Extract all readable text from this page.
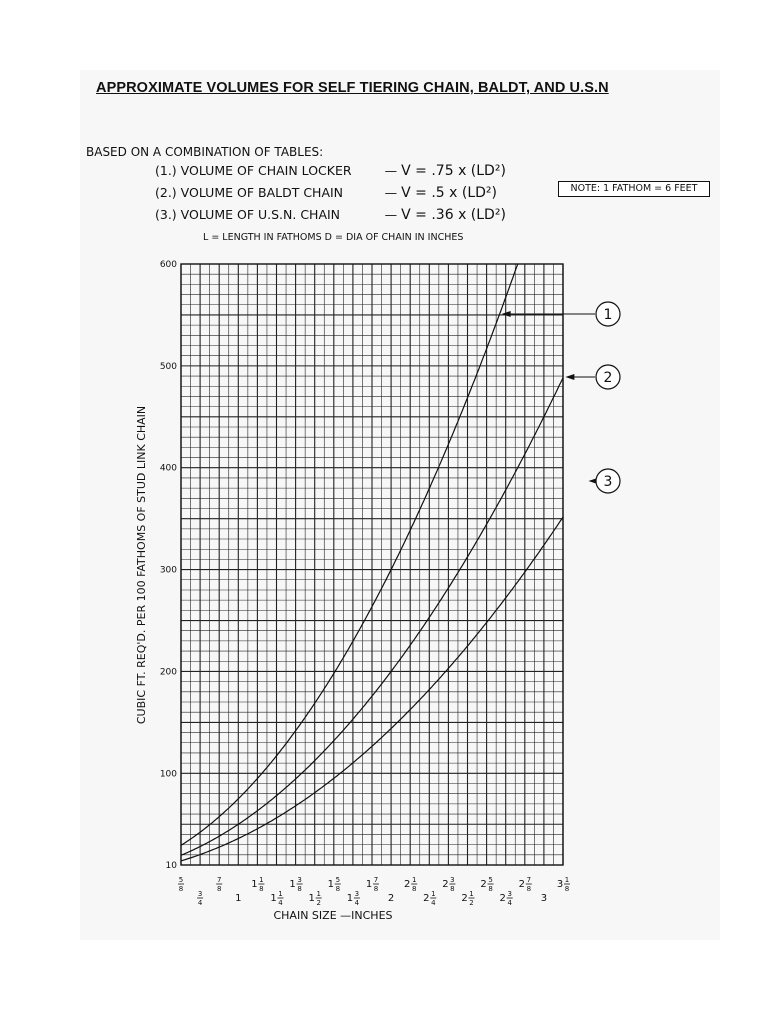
APPROXIMATE VOLUMES FOR SELF TIERING CHAIN, BALDT, AND U.S.N
BASED ON A COMBINATION OF TABLES:
(1.) VOLUME OF CHAIN LOCKER	— V = .75 x (LD²)
(2.) VOLUME OF BALDT CHAIN	— V = .5 x (LD²)
(3.) VOLUME OF U.S.N. CHAIN	— V = .36 x (LD²)
NOTE: 1 FATHOM = 6 FEET
L = LENGTH IN FATHOMS D = DIA OF CHAIN IN INCHES
10
100
200
300
400
500
600
5
8
7
8	1 1
8	1 3
8	1 5
8	1 7
8	2 1
8	2 3
8	2 5
8	2 7
8	3 1
8
3
4	1	1 1
4	1 1
2	1 3
4	2	2 1
4	2 1
2	2 3
4	3
CHAIN SIZE —INCHES
CUBIC FT. REQ'D. PER 100 FATHOMS OF STUD LINK CHAIN
1
2
3
